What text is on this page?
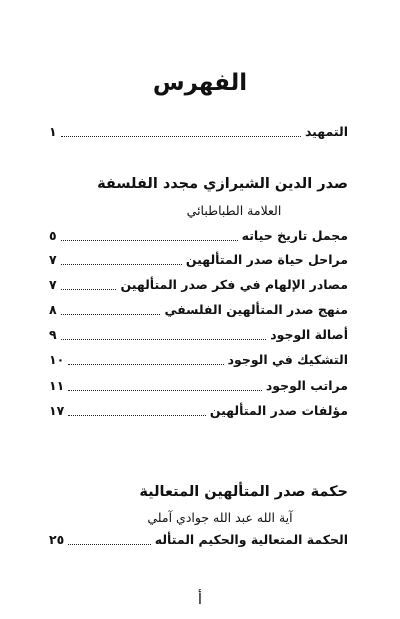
الفهرس
التمهيد
١
صدر الدين الشيرازي مجدد الفلسفة
العلامة الطباطبائي
مجمل تاريخ حياته
٥
مراحل حياة صدر المتألهين
٧
مصادر الإلهام في فكر صدر المتألهين
٧
منهج صدر المتألهين الفلسفي
٨
أصالة الوجود
٩
التشكيك في الوجود
١٠
مراتب الوجود
١١
مؤلفات صدر المتألهين
١٧
حكمة صدر المتألهين المتعالية
آية الله عبد الله جوادي آملي
الحكمة المتعالية والحكيم المتأله
٢٥
أ
